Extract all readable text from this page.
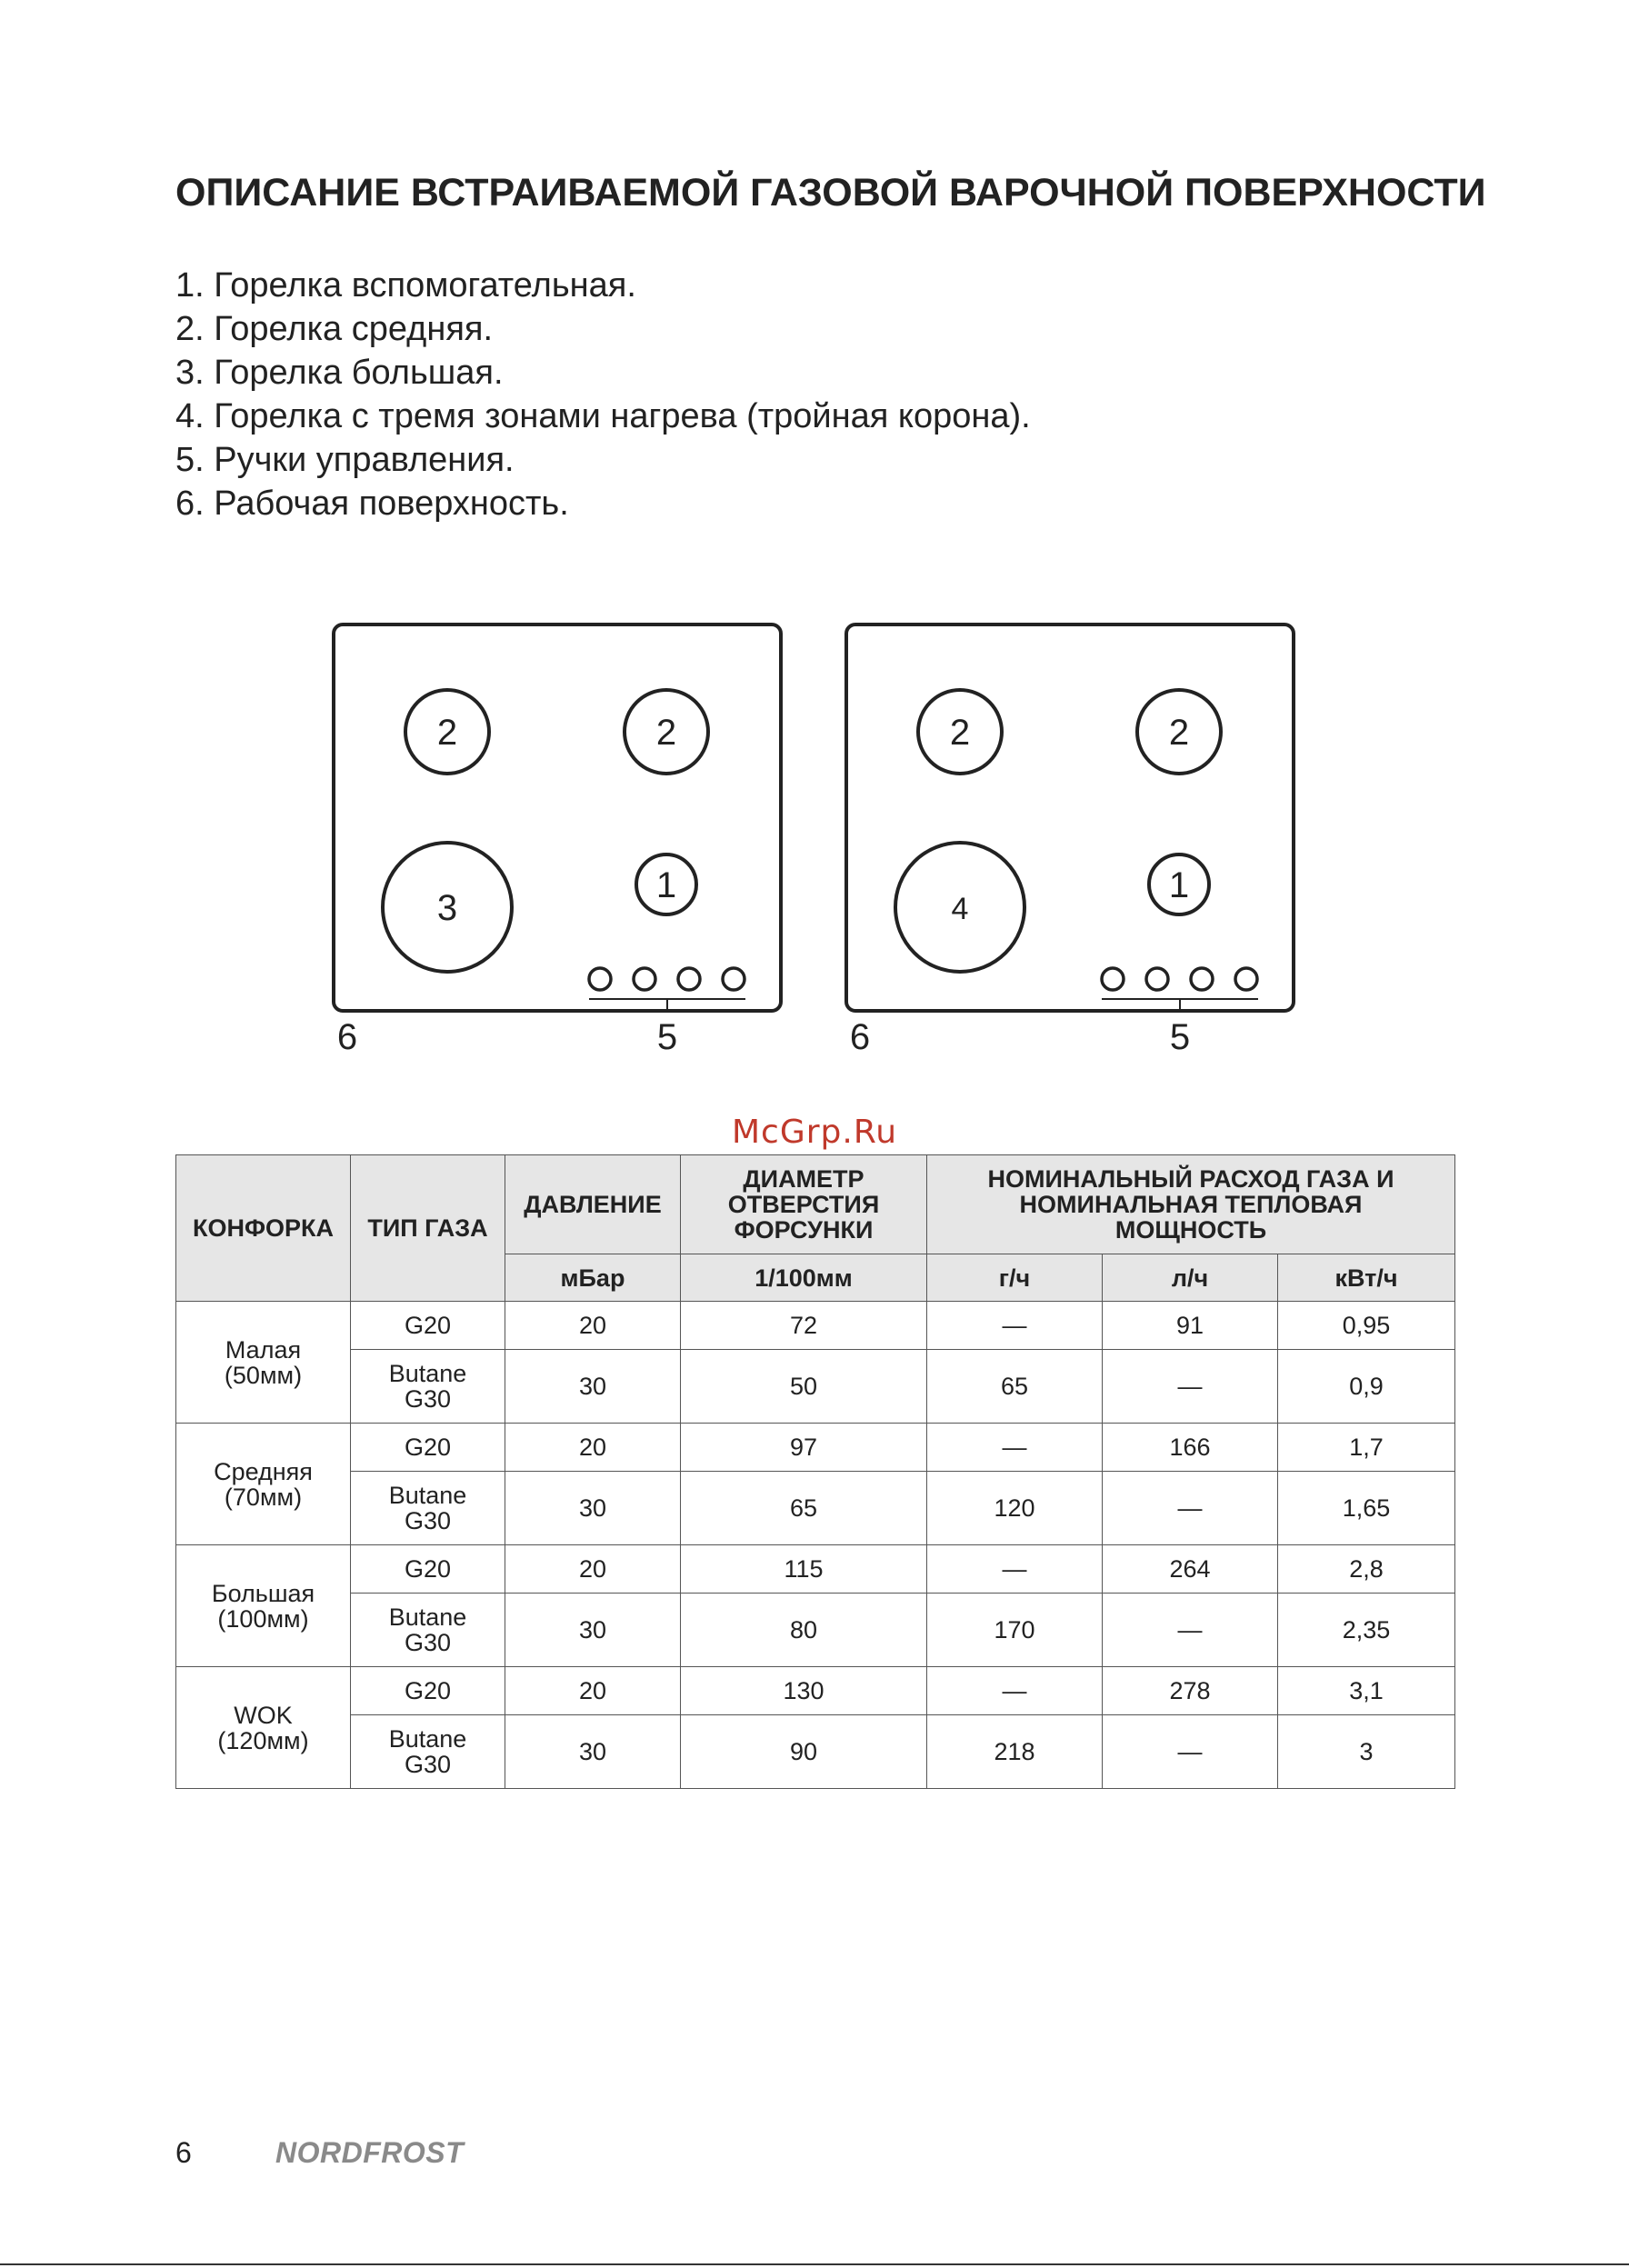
ОПИСАНИЕ ВСТРАИВАЕМОЙ ГАЗОВОЙ ВАРОЧНОЙ ПОВЕРХНОСТИ
1. Горелка вспомогательная.
2. Горелка средняя.
3. Горелка большая.
4. Горелка с тремя зонами нагрева (тройная корона).
5. Ручки управления.
6. Рабочая поверхность.
2	2
3
1
6	5
2	2
4
1
6	5
McGrp.Ru
КОНФОРКА	ТИП ГАЗА	ДАВЛЕНИЕ	ДИАМЕТР ОТВЕРСТИЯ ФОРСУНКИ	НОМИНАЛЬНЫЙ РАСХОД ГАЗА И НОМИНАЛЬНАЯ ТЕПЛОВАЯ МОЩНОСТЬ		
		мБар	1/100мм	г/ч	л/ч	кВт/ч
Малая (50мм)	G20	20	72	—	91	0,95
	Butane G30	30	50	65	—	0,9
Средняя (70мм)	G20	20	97	—	166	1,7
	Butane G30	30	65	120	—	1,65
Большая (100мм)	G20	20	115	—	264	2,8
	Butane G30	30	80	170	—	2,35
WOK (120мм)	G20	20	130	—	278	3,1
	Butane G30	30	90	218	—	3
6	NORDFROST
